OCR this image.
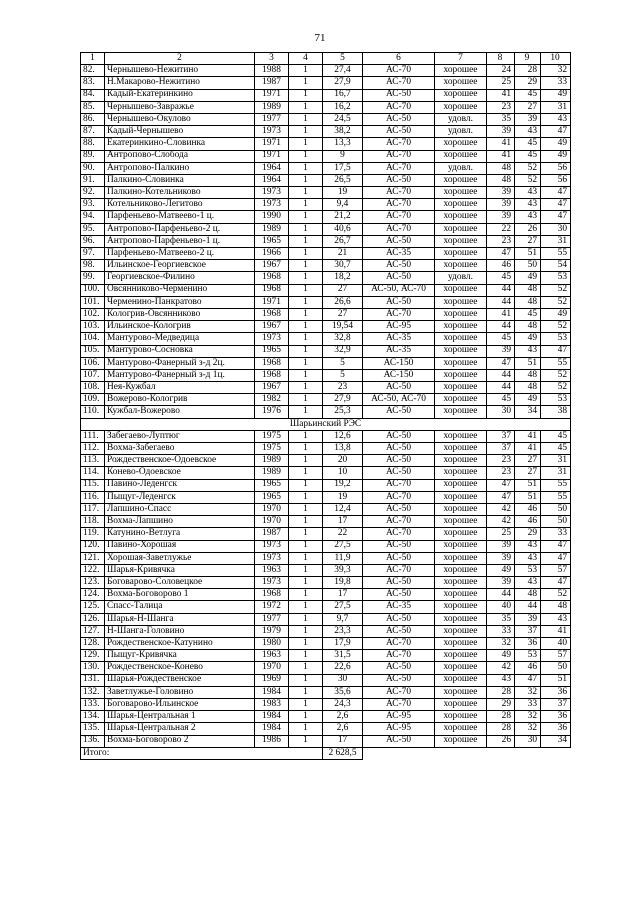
71
1	2	3	4	5	6	7	8	9	10
82.	Чернышево-Нежитино	1988	1	27,4	АС-70	хорошее	24	28	32
83.	Н.Макарово-Нежитино	1987	1	27,9	АС-70	хорошее	25	29	33
84.	Кадый-Екатеринкино	1971	1	16,7	АС-50	хорошее	41	45	49
85.	Чернышево-Завражье	1989	1	16,2	АС-70	хорошее	23	27	31
86.	Чернышево-Окулово	1977	1	24,5	АС-50	удовл.	35	39	43
87.	Кадый-Чернышево	1973	1	38,2	АС-50	удовл.	39	43	47
88.	Екатеринкино-Словинка	1971	1	13,3	АС-70	хорошее	41	45	49
89.	Антропово-Слобода	1971	1	9	АС-70	хорошее	41	45	49
90.	Антропово-Палкино	1964	1	17,5	АС-70	удовл.	48	52	56
91.	Палкино-Словинка	1964	1	26,5	АС-50	хорошее	48	52	56
92.	Палкино-Котельниково	1973	1	19	АС-70	хорошее	39	43	47
93.	Котельниково-Легитово	1973	1	9,4	АС-70	хорошее	39	43	47
94.	Парфеньево-Матвеево-1 ц.	1990	1	21,2	АС-70	хорошее	39	43	47
95.	Антропово-Парфеньево-2 ц.	1989	1	40,6	АС-70	хорошее	22	26	30
96.	Антропово-Парфеньево-1 ц.	1965	1	26,7	АС-50	хорошее	23	27	31
97.	Парфеньево-Матвеево-2 ц.	1966	1	21	АС-35	хорошее	47	51	55
98.	Ильинское-Георгиевское	1967	1	30,7	АС-50	хорошее	46	50	54
99.	Георгиевское-Филино	1968	1	18,2	АС-50	удовл.	45	49	53
100.	Овсянниково-Черменино	1968	1	27	АС-50, АС-70	хорошее	44	48	52
101.	Черменино-Панкратово	1971	1	26,6	АС-50	хорошее	44	48	52
102.	Кологрив-Овсянниково	1968	1	27	АС-70	хорошее	41	45	49
103.	Ильинское-Кологрив	1967	1	19,54	АС-95	хорошее	44	48	52
104.	Мантурово-Медведица	1973	1	32,8	АС-35	хорошее	45	49	53
105.	Мантурово-Сосновка	1965	1	32,9	АС-35	хорошее	39	43	47
106.	Мантурово-Фанерный з-д 2ц.	1968	1	5	АС-150	хорошее	47	51	55
107.	Мантурово-Фанерный з-д 1ц.	1968	1	5	АС-150	хорошее	44	48	52
108.	Нея-Кужбал	1967	1	23	АС-50	хорошее	44	48	52
109.	Вожерово-Кологрив	1982	1	27,9	АС-50, АС-70	хорошее	45	49	53
110.	Кужбал-Вожерово	1976	1	25,3	АС-50	хорошее	30	34	38
Шарьинский РЭС									
111.	Забегаево-Луптюг	1975	1	12,6	АС-50	хорошее	37	41	45
112.	Вохма-Забегаево	1975	1	13,8	АС-50	хорошее	37	41	45
113.	Рождественское-Одоевское	1989	1	20	АС-50	хорошее	23	27	31
114.	Конево-Одоевское	1989	1	10	АС-50	хорошее	23	27	31
115.	Павино-Леденгск	1965	1	19,2	АС-70	хорошее	47	51	55
116.	Пыщуг-Леденгск	1965	1	19	АС-70	хорошее	47	51	55
117.	Лапшино-Спасс	1970	1	12,4	АС-50	хорошее	42	46	50
118.	Вохма-Лапшино	1970	1	17	АС-70	хорошее	42	46	50
119.	Катунино-Ветлуга	1987	1	22	АС-70	хорошее	25	29	33
120.	Павино-Хорошая	1973	1	27,5	АС-50	хорошее	39	43	47
121.	Хорошая-Заветлужье	1973	1	11,9	АС-50	хорошее	39	43	47
122.	Шарья-Кривячка	1963	1	39,3	АС-70	хорошее	49	53	57
123.	Боговарово-Соловецкое	1973	1	19,8	АС-50	хорошее	39	43	47
124.	Вохма-Боговорово 1	1968	1	17	АС-50	хорошее	44	48	52
125.	Спасс-Талица	1972	1	27,5	АС-35	хорошее	40	44	48
126.	Шарья-Н-Шанга	1977	1	9,7	АС-50	хорошее	35	39	43
127.	Н-Шанга-Головино	1979	1	23,3	АС-50	хорошее	33	37	41
128.	Рождественское-Катунино	1980	1	17,9	АС-70	хорошее	32	36	40
129.	Пыщуг-Кривячка	1963	1	31,5	АС-70	хорошее	49	53	57
130.	Рождественское-Конево	1970	1	22,6	АС-50	хорошее	42	46	50
131.	Шарья-Рождественское	1969	1	30	АС-50	хорошее	43	47	51
132.	Заветлужье-Головино	1984	1	35,6	АС-70	хорошее	28	32	36
133.	Боговарово-Ильинское	1983	1	24,3	АС-70	хорошее	29	33	37
134.	Шарья-Центральная 1	1984	1	2,6	АС-95	хорошее	28	32	36
135.	Шарья-Центральная 2	1984	1	2,6	АС-95	хорошее	28	32	36
136.	Вохма-Боговорово 2	1986	1	17	АС-50	хорошее	26	30	34
Итого:				2 628,5					
